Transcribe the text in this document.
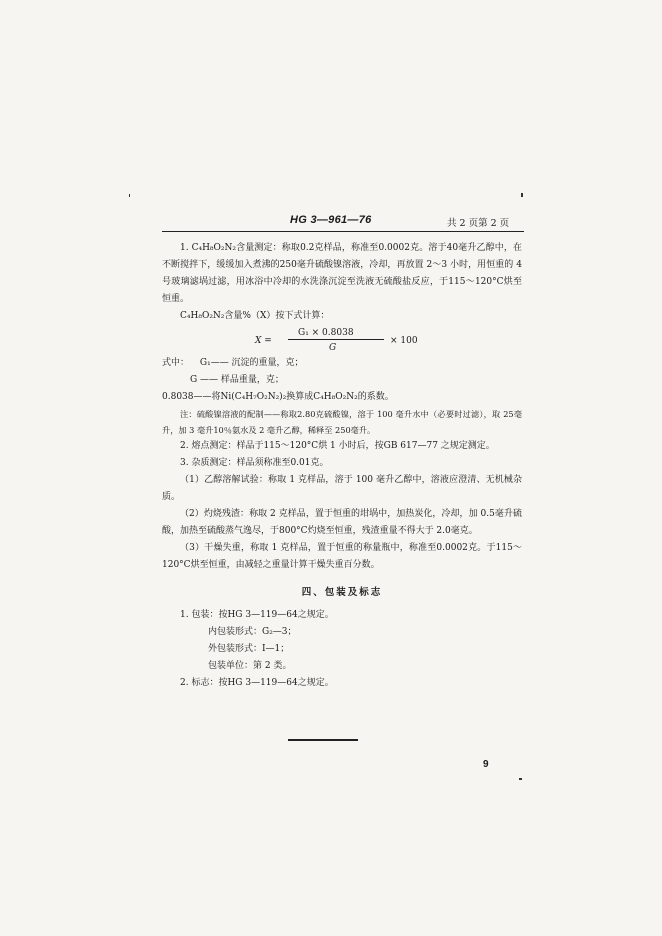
HG 3—961—76	共 2 页第 2 页

1. C₄H₈O₂N₂含量测定：称取0.2克样品，称准至0.0002克。溶于40毫升乙醇中，在不断搅拌下，缓缓加入煮沸的250毫升硫酸镍溶液，冷却，再放置 2～3 小时，用恒重的 4 号玻璃滤埚过滤，用冰浴中冷却的水洗涤沉淀至洗液无硫酸盐反应，于115～120°C烘至恒重。

C₄H₈O₂N₂含量%（X）按下式计算：

X =
G₁ × 0.8038
G
× 100
式中： G₁—— 沉淀的重量，克；
G —— 样品重量，克；
0.8038——将Ni(C₄H₇O₂N₂)₂换算成C₄H₈O₂N₂的系数。

注：硫酸镍溶液的配制——称取2.80克硫酸镍，溶于 100 毫升水中（必要时过滤），取 25毫升，加 3 毫升10％氨水及 2 毫升乙醇，稀释至 250毫升。

2. 熔点测定：样品于115～120°C烘 1 小时后，按GB 617—77 之规定测定。

3. 杂质测定：样品须称准至0.01克。

（1）乙醇溶解试验：称取 1 克样品，溶于 100 毫升乙醇中，溶液应澄清、无机械杂质。

（2）灼烧残渣：称取 2 克样品，置于恒重的坩埚中，加热炭化，冷却，加 0.5毫升硫酸，加热至硫酸蒸气逸尽，于800°C灼烧至恒重，残渣重量不得大于 2.0毫克。

（3）干燥失重，称取 1 克样品，置于恒重的称量瓶中，称准至0.0002克。于115～120°C烘至恒重，由减轻之重量计算干燥失重百分数。

四、包装及标志

1. 包装：按HG 3—119—64之规定。

内包装形式：G₂—3；
外包装形式：Ⅰ—1；
包装单位：第 2 类。

2. 标志：按HG 3—119—64之规定。

9
